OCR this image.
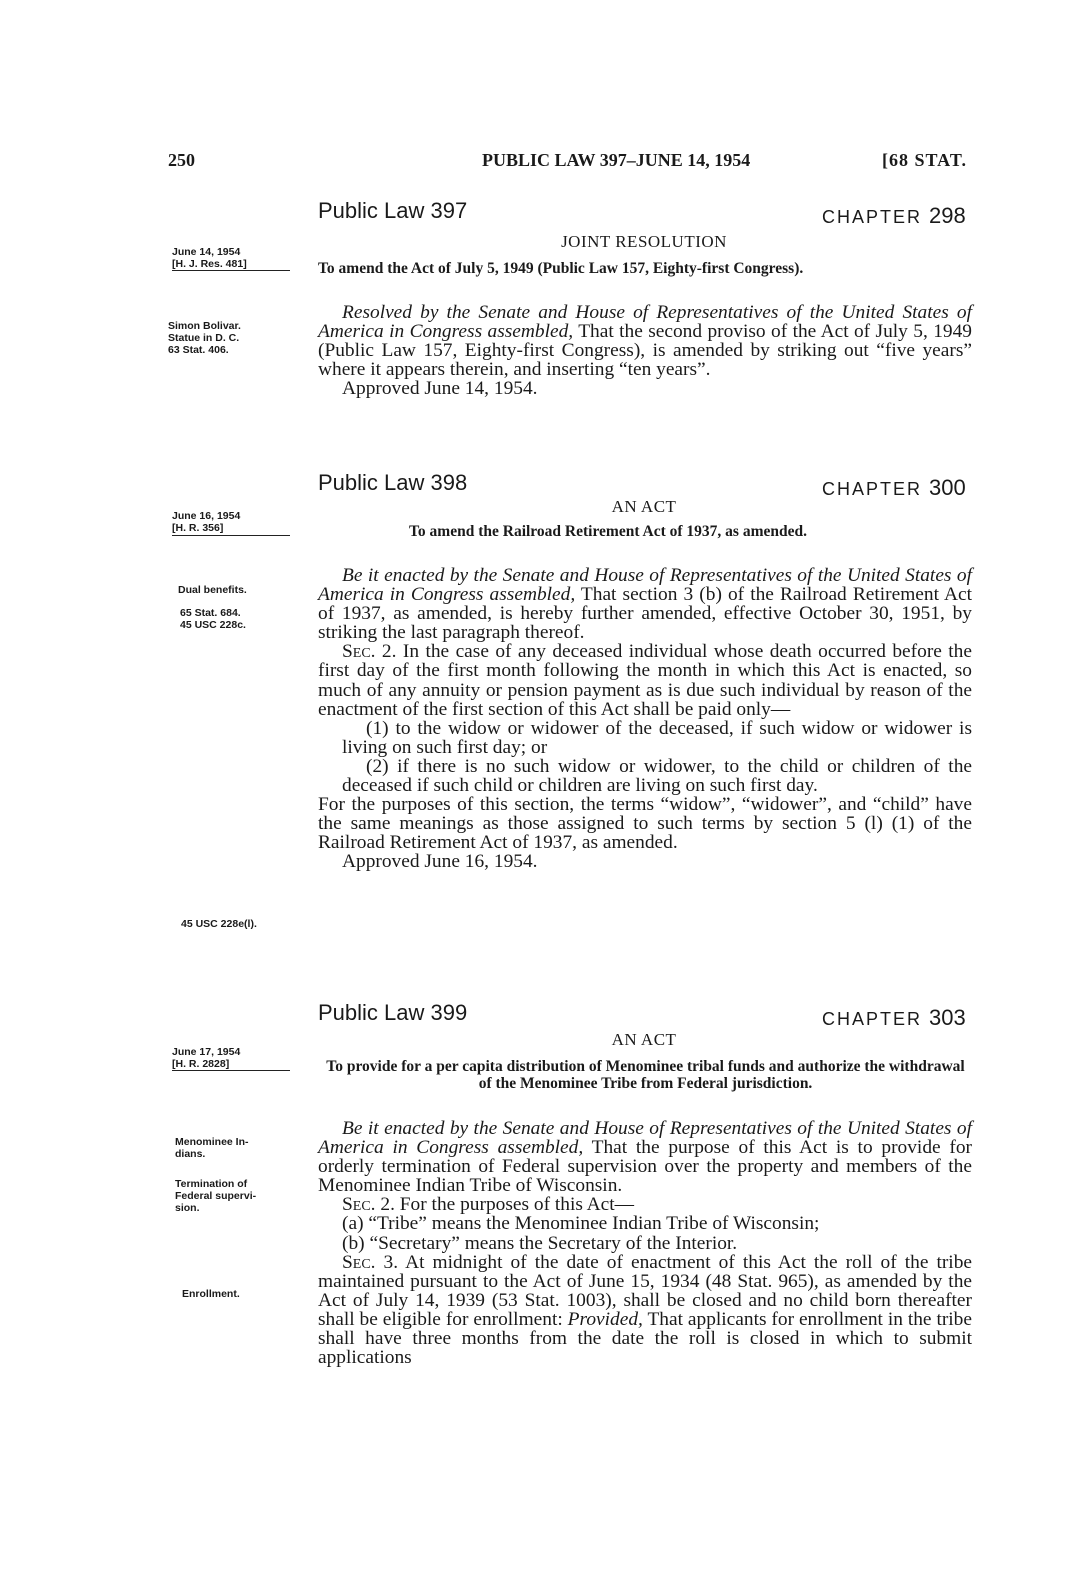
250	PUBLIC LAW 397–JUNE 14, 1954	[68 STAT.
Public Law 397	CHAPTER 298
JOINT RESOLUTION
June 14, 1954
[H. J. Res. 481]	To amend the Act of July 5, 1949 (Public Law 157, Eighty-first Congress).
Simon Bolivar.
Statue in D. C.
63 Stat. 406.

Resolved by the Senate and House of Representatives of the United States of America in Congress assembled, That the second proviso of the Act of July 5, 1949 (Public Law 157, Eighty-first Congress), is amended by striking out “five years” where it appears therein, and inserting “ten years”.

Approved June 14, 1954.

Public Law 398	CHAPTER 300
AN ACT
June 16, 1954
[H. R. 356]	To amend the Railroad Retirement Act of 1937, as amended.
Dual benefits.
65 Stat. 684.
45 USC 228c.
45 USC 228e(l).

Be it enacted by the Senate and House of Representatives of the United States of America in Congress assembled, That section 3 (b) of the Railroad Retirement Act of 1937, as amended, is hereby further amended, effective October 30, 1951, by striking the last paragraph thereof.

Sec. 2. In the case of any deceased individual whose death occurred before the first day of the first month following the month in which this Act is enacted, so much of any annuity or pension payment as is due such individual by reason of the enactment of the first section of this Act shall be paid only—

(1) to the widow or widower of the deceased, if such widow or widower is living on such first day; or

(2) if there is no such widow or widower, to the child or children of the deceased if such child or children are living on such first day.

For the purposes of this section, the terms “widow”, “widower”, and “child” have the same meanings as those assigned to such terms by section 5 (l) (1) of the Railroad Retirement Act of 1937, as amended.

Approved June 16, 1954.

Public Law 399	CHAPTER 303
AN ACT
June 17, 1954
[H. R. 2828]	To provide for a per capita distribution of Menominee tribal funds and authorize the withdrawal of the Menominee Tribe from Federal jurisdiction.
Menominee In-
dians.
Termination of
Federal supervi-
sion.
Enrollment.

Be it enacted by the Senate and House of Representatives of the United States of America in Congress assembled, That the purpose of this Act is to provide for orderly termination of Federal supervision over the property and members of the Menominee Indian Tribe of Wisconsin.

Sec. 2. For the purposes of this Act—

(a) “Tribe” means the Menominee Indian Tribe of Wisconsin;

(b) “Secretary” means the Secretary of the Interior.

Sec. 3. At midnight of the date of enactment of this Act the roll of the tribe maintained pursuant to the Act of June 15, 1934 (48 Stat. 965), as amended by the Act of July 14, 1939 (53 Stat. 1003), shall be closed and no child born thereafter shall be eligible for enrollment: Provided, That applicants for enrollment in the tribe shall have three months from the date the roll is closed in which to submit applications
